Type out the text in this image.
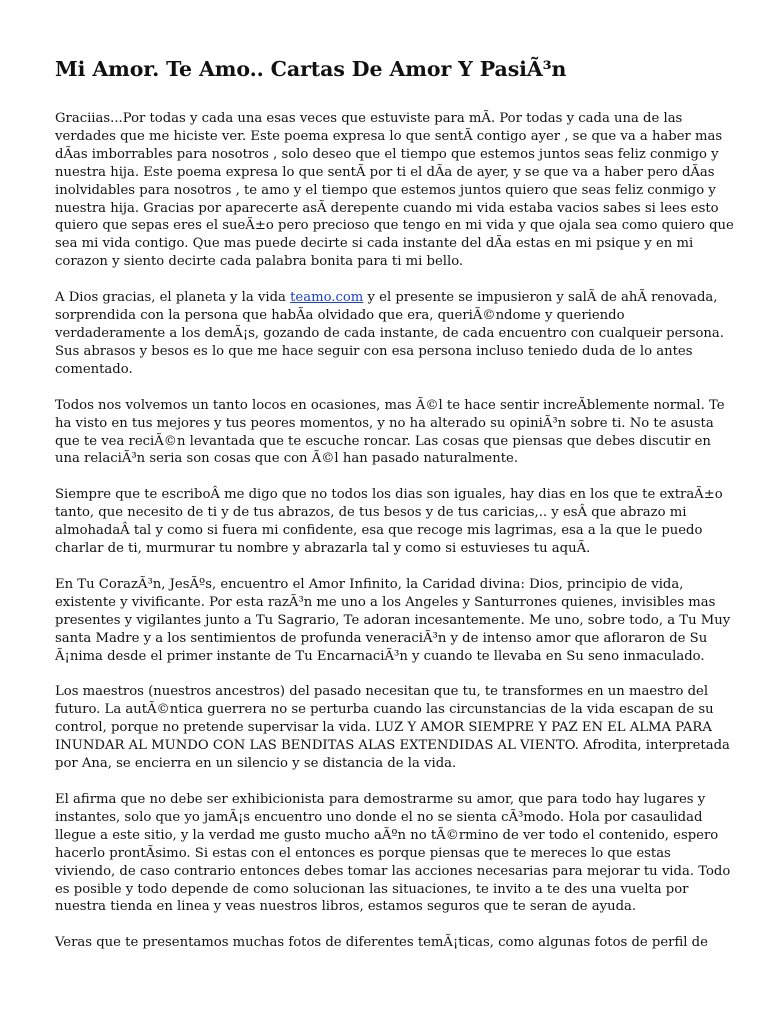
Mi Amor. Te Amo.. Cartas De Amor Y PasiÃ³n
Graciias...Por todas y cada una esas veces que estuviste para mÃ. Por todas y cada una de las
verdades que me hiciste ver. Este poema expresa lo que sentÃ contigo ayer , se que va a haber mas
dÃas imborrables para nosotros , solo deseo que el tiempo que estemos juntos seas feliz conmigo y
nuestra hija. Este poema expresa lo que sentÃ por ti el dÃa de ayer, y se que va a haber pero dÃas
inolvidables para nosotros , te amo y el tiempo que estemos juntos quiero que seas feliz conmigo y
nuestra hija. Gracias por aparecerte asÃ derepente cuando mi vida estaba vacios sabes si lees esto
quiero que sepas eres el sueÃ±o pero precioso que tengo en mi vida y que ojala sea como quiero que
sea mi vida contigo. Que mas puede decirte si cada instante del dÃa estas en mi psique y en mi
corazon y siento decirte cada palabra bonita para ti mi bello.
A Dios gracias, el planeta y la vida teamo.com y el presente se impusieron y salÃ de ahÃ renovada,
sorprendida con la persona que habÃa olvidado que era, queriÃ©ndome y queriendo
verdaderamente a los demÃ¡s, gozando de cada instante, de cada encuentro con cualqueir persona.
Sus abrasos y besos es lo que me hace seguir con esa persona incluso teniedo duda de lo antes
comentado.
Todos nos volvemos un tanto locos en ocasiones, mas Ã©l te hace sentir increÃblemente normal. Te
ha visto en tus mejores y tus peores momentos, y no ha alterado su opiniÃ³n sobre ti. No te asusta
que te vea reciÃ©n levantada que te escuche roncar. Las cosas que piensas que debes discutir en
una relaciÃ³n seria son cosas que con Ã©l han pasado naturalmente.
Siempre que te escriboÂ me digo que no todos los dias son iguales, hay dias en los que te extraÃ±o
tanto, que necesito de ti y de tus abrazos, de tus besos y de tus caricias,.. y esÂ que abrazo mi
almohadaÂ tal y como si fuera mi confidente, esa que recoge mis lagrimas, esa a la que le puedo
charlar de ti, murmurar tu nombre y abrazarla tal y como si estuvieses tu aquÃ.
En Tu CorazÃ³n, JesÃºs, encuentro el Amor Infinito, la Caridad divina: Dios, principio de vida,
existente y vivificante. Por esta razÃ³n me uno a los Angeles y Santurrones quienes, invisibles mas
presentes y vigilantes junto a Tu Sagrario, Te adoran incesantemente. Me uno, sobre todo, a Tu Muy
santa Madre y a los sentimientos de profunda veneraciÃ³n y de intenso amor que afloraron de Su
Ã¡nima desde el primer instante de Tu EncarnaciÃ³n y cuando te llevaba en Su seno inmaculado.
Los maestros (nuestros ancestros) del pasado necesitan que tu, te transformes en un maestro del
futuro. La autÃ©ntica guerrera no se perturba cuando las circunstancias de la vida escapan de su
control, porque no pretende supervisar la vida. LUZ Y AMOR SIEMPRE Y PAZ EN EL ALMA PARA
INUNDAR AL MUNDO CON LAS BENDITAS ALAS EXTENDIDAS AL VIENTO. Afrodita, interpretada
por Ana, se encierra en un silencio y se distancia de la vida.
El afirma que no debe ser exhibicionista para demostrarme su amor, que para todo hay lugares y
instantes, solo que yo jamÃ¡s encuentro uno donde el no se sienta cÃ³modo. Hola por casaulidad
llegue a este sitio, y la verdad me gusto mucho aÃºn no tÃ©rmino de ver todo el contenido, espero
hacerlo prontÃsimo. Si estas con el entonces es porque piensas que te mereces lo que estas
viviendo, de caso contrario entonces debes tomar las acciones necesarias para mejorar tu vida. Todo
es posible y todo depende de como solucionan las situaciones, te invito a te des una vuelta por
nuestra tienda en linea y veas nuestros libros, estamos seguros que te seran de ayuda.
Veras que te presentamos muchas fotos de diferentes temÃ¡ticas, como algunas fotos de perfil de
